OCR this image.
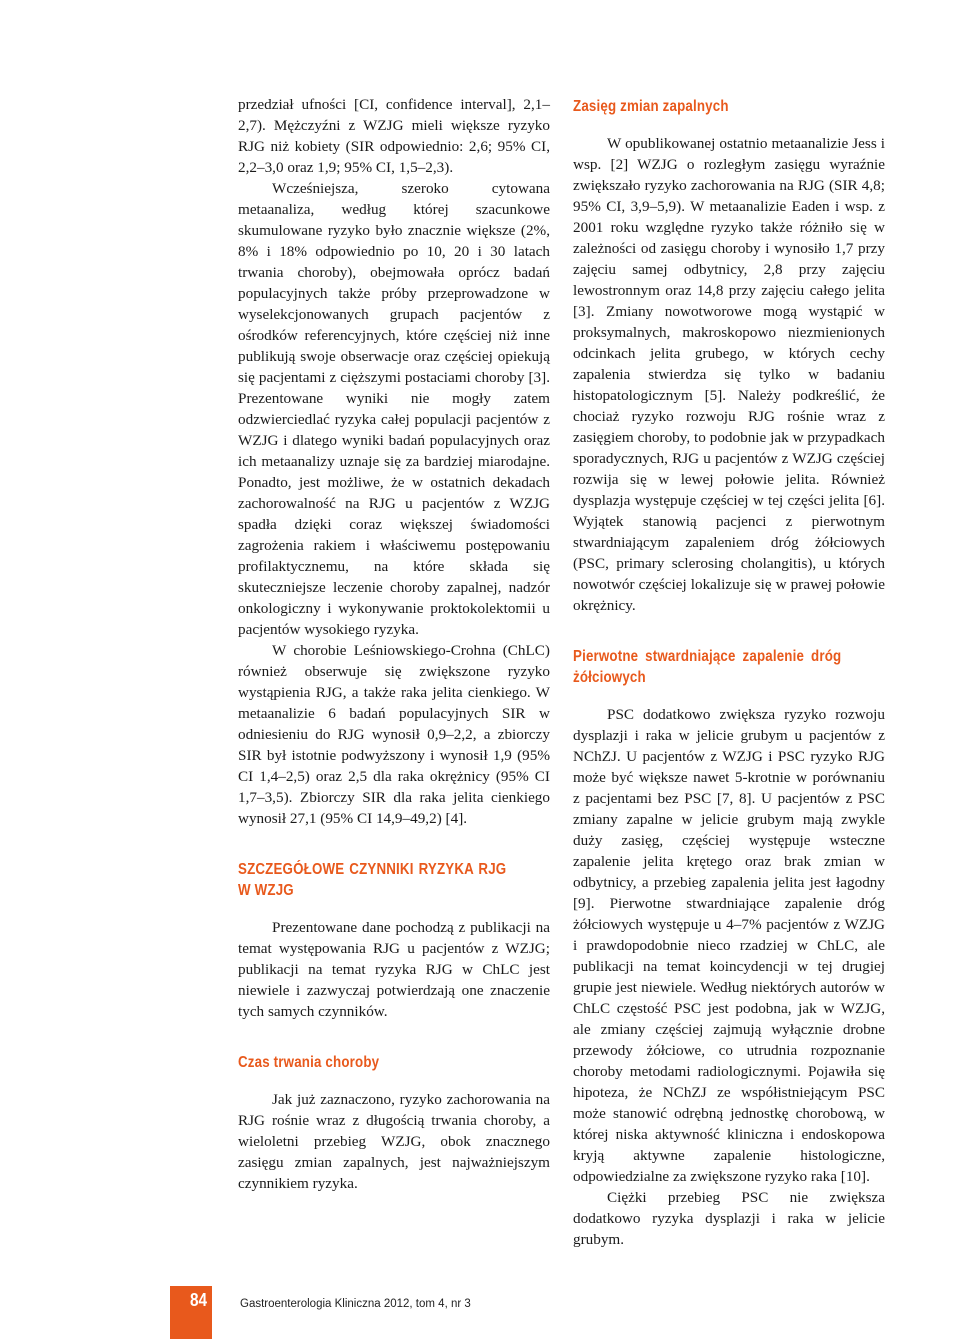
przedział ufności [CI, confidence interval], 2,1–2,7). Mężczyźni z WZJG mieli większe ryzyko RJG niż kobiety (SIR odpowiednio: 2,6; 95% CI, 2,2–3,0 oraz 1,9; 95% CI, 1,5–2,3).

Wcześniejsza, szeroko cytowana metaanaliza, według której szacunkowe skumulowane ryzyko było znacznie większe (2%, 8% i 18% odpowiednio po 10, 20 i 30 latach trwania choroby), obejmowała oprócz badań populacyjnych także próby przeprowadzone w wyselekcjonowanych grupach pacjentów z ośrodków referencyjnych, które częściej niż inne publikują swoje obserwacje oraz częściej opiekują się pacjentami z cięższymi postaciami choroby [3]. Prezentowane wyniki nie mogły zatem odzwierciedlać ryzyka całej populacji pacjentów z WZJG i dlatego wyniki badań populacyjnych oraz ich metaanalizy uznaje się za bardziej miarodajne. Ponadto, jest możliwe, że w ostatnich dekadach zachorowalność na RJG u pacjentów z WZJG spadła dzięki coraz większej świadomości zagrożenia rakiem i właściwemu postępowaniu profilaktycznemu, na które składa się skuteczniejsze leczenie choroby zapalnej, nadzór onkologiczny i wykonywanie proktokolektomii u pacjentów wysokiego ryzyka.

W chorobie Leśniowskiego-Crohna (ChLC) również obserwuje się zwiększone ryzyko wystąpienia RJG, a także raka jelita cienkiego. W metaanalizie 6 badań populacyjnych SIR w odniesieniu do RJG wynosił 0,9–2,2, a zbiorczy SIR był istotnie podwyższony i wynosił 1,9 (95% CI 1,4–2,5) oraz 2,5 dla raka okrężnicy (95% CI 1,7–3,5). Zbiorczy SIR dla raka jelita cienkiego wynosił 27,1 (95% CI 14,9–49,2) [4].

SZCZEGÓŁOWE CZYNNIKI RYZYKA RJG W WZJG

Prezentowane dane pochodzą z publikacji na temat występowania RJG u pacjentów z WZJG; publikacji na temat ryzyka RJG w ChLC jest niewiele i zazwyczaj potwierdzają one znaczenie tych samych czynników.

Czas trwania choroby

Jak już zaznaczono, ryzyko zachorowania na RJG rośnie wraz z długością trwania choroby, a wieloletni przebieg WZJG, obok znacznego zasięgu zmian zapalnych, jest najważniejszym czynnikiem ryzyka.

Zasięg zmian zapalnych

W opublikowanej ostatnio metaanalizie Jess i wsp. [2] WZJG o rozległym zasięgu wyraźnie zwiększało ryzyko zachorowania na RJG (SIR 4,8; 95% CI, 3,9–5,9). W metaanalizie Eaden i wsp. z 2001 roku względne ryzyko także różniło się w zależności od zasięgu choroby i wynosiło 1,7 przy zajęciu samej odbytnicy, 2,8 przy zajęciu lewostronnym oraz 14,8 przy zajęciu całego jelita [3]. Zmiany nowotworowe mogą wystąpić w proksymalnych, makroskopowo niezmienionych odcinkach jelita grubego, w których cechy zapalenia stwierdza się tylko w badaniu histopatologicznym [5]. Należy podkreślić, że chociaż ryzyko rozwoju RJG rośnie wraz z zasięgiem choroby, to podobnie jak w przypadkach sporadycznych, RJG u pacjentów z WZJG częściej rozwija się w lewej połowie jelita. Również dysplazja występuje częściej w tej części jelita [6]. Wyjątek stanowią pacjenci z pierwotnym stwardniającym zapaleniem dróg żółciowych (PSC, primary sclerosing cholangitis), u których nowotwór częściej lokalizuje się w prawej połowie okrężnicy.

Pierwotne stwardniające zapalenie dróg żółciowych

PSC dodatkowo zwiększa ryzyko rozwoju dysplazji i raka w jelicie grubym u pacjentów z NChZJ. U pacjentów z WZJG i PSC ryzyko RJG może być większe nawet 5-krotnie w porównaniu z pacjentami bez PSC [7, 8]. U pacjentów z PSC zmiany zapalne w jelicie grubym mają zwykle duży zasięg, częściej występuje wsteczne zapalenie jelita krętego oraz brak zmian w odbytnicy, a przebieg zapalenia jelita jest łagodny [9]. Pierwotne stwardniające zapalenie dróg żółciowych występuje u 4–7% pacjentów z WZJG i prawdopodobnie nieco rzadziej w ChLC, ale publikacji na temat koincydencji w tej drugiej grupie jest niewiele. Według niektórych autorów w ChLC częstość PSC jest podobna, jak w WZJG, ale zmiany częściej zajmują wyłącznie drobne przewody żółciowe, co utrudnia rozpoznanie choroby metodami radiologicznymi. Pojawiła się hipoteza, że NChZJ ze współistniejącym PSC może stanowić odrębną jednostkę chorobową, w której niska aktywność kliniczna i endoskopowa kryją aktywne zapalenie histologiczne, odpowiedzialne za zwiększone ryzyko raka [10].

Ciężki przebieg PSC nie zwiększa dodatkowo ryzyka dysplazji i raka w jelicie grubym.

84	Gastroenterologia Kliniczna 2012, tom 4, nr 3
